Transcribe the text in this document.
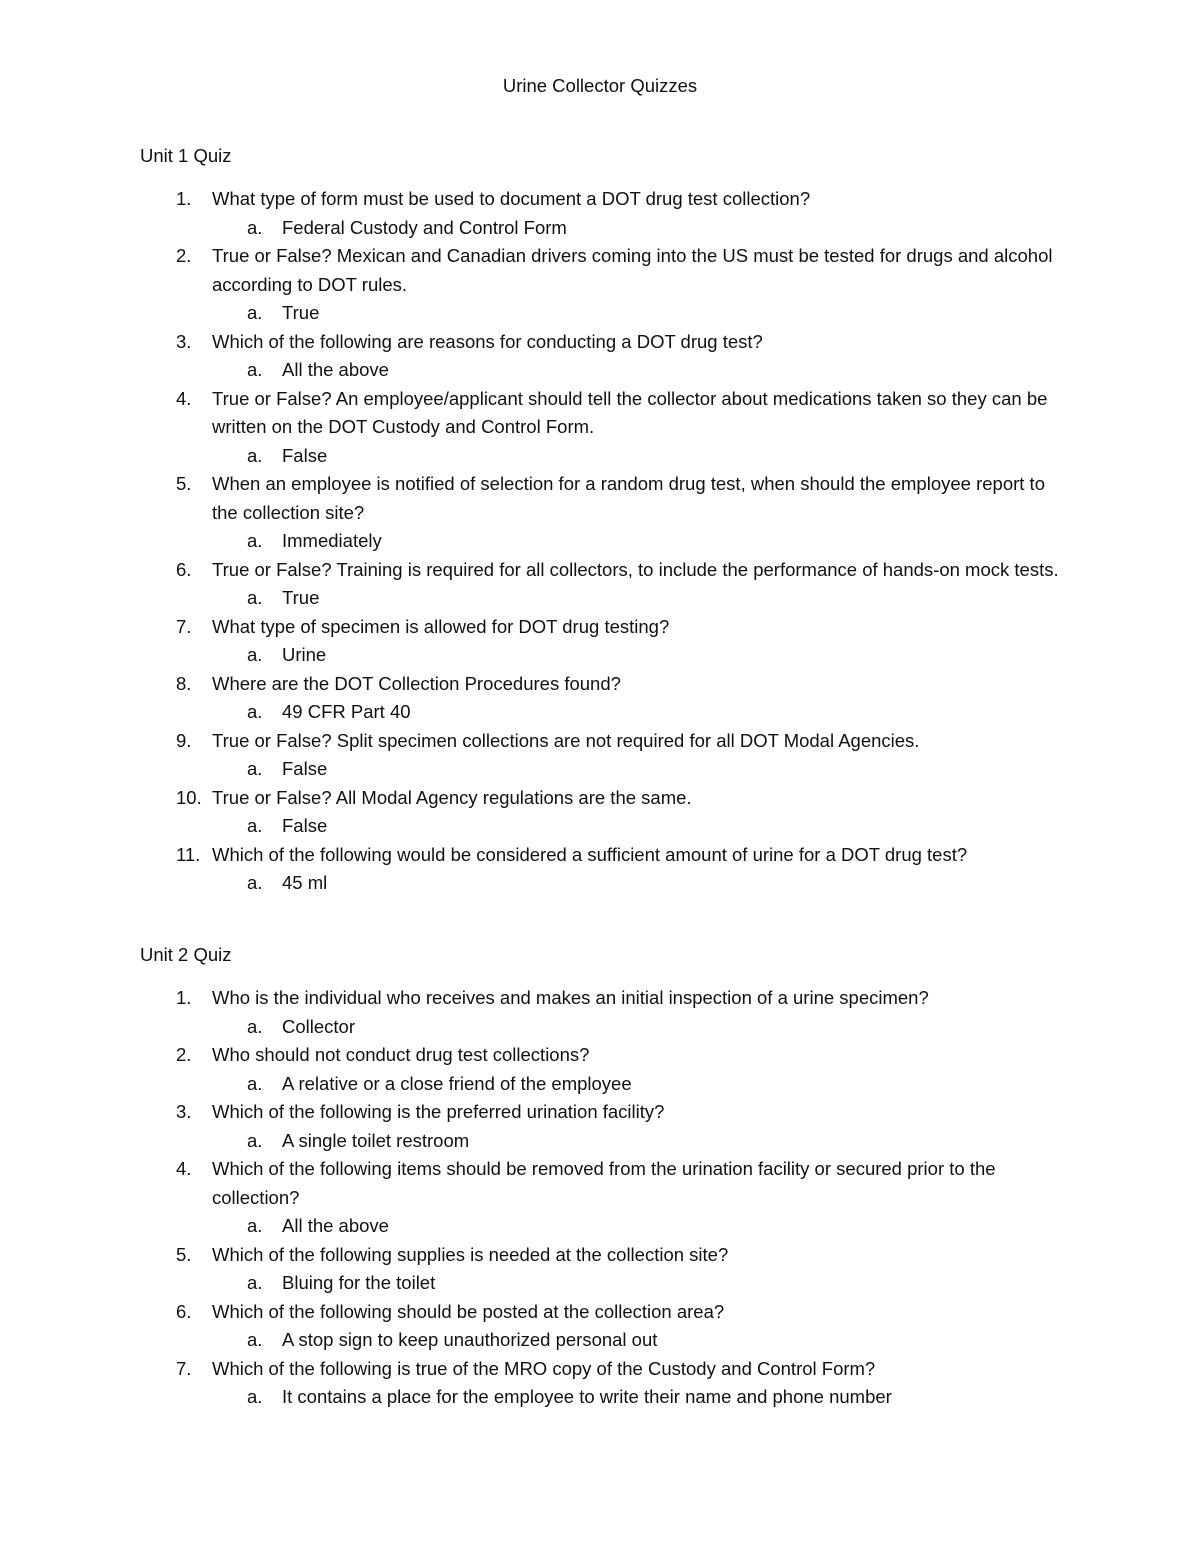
Urine Collector Quizzes
Unit 1 Quiz
1. What type of form must be used to document a DOT drug test collection?
a. Federal Custody and Control Form
2. True or False? Mexican and Canadian drivers coming into the US must be tested for drugs and alcohol according to DOT rules.
a. True
3. Which of the following are reasons for conducting a DOT drug test?
a. All the above
4. True or False? An employee/applicant should tell the collector about medications taken so they can be written on the DOT Custody and Control Form.
a. False
5. When an employee is notified of selection for a random drug test, when should the employee report to the collection site?
a. Immediately
6. True or False? Training is required for all collectors, to include the performance of hands-on mock tests.
a. True
7. What type of specimen is allowed for DOT drug testing?
a. Urine
8. Where are the DOT Collection Procedures found?
a. 49 CFR Part 40
9. True or False? Split specimen collections are not required for all DOT Modal Agencies.
a. False
10. True or False? All Modal Agency regulations are the same.
a. False
11. Which of the following would be considered a sufficient amount of urine for a DOT drug test?
a. 45 ml
Unit 2 Quiz
1. Who is the individual who receives and makes an initial inspection of a urine specimen?
a. Collector
2. Who should not conduct drug test collections?
a. A relative or a close friend of the employee
3. Which of the following is the preferred urination facility?
a. A single toilet restroom
4. Which of the following items should be removed from the urination facility or secured prior to the collection?
a. All the above
5. Which of the following supplies is needed at the collection site?
a. Bluing for the toilet
6. Which of the following should be posted at the collection area?
a. A stop sign to keep unauthorized personal out
7. Which of the following is true of the MRO copy of the Custody and Control Form?
a. It contains a place for the employee to write their name and phone number
